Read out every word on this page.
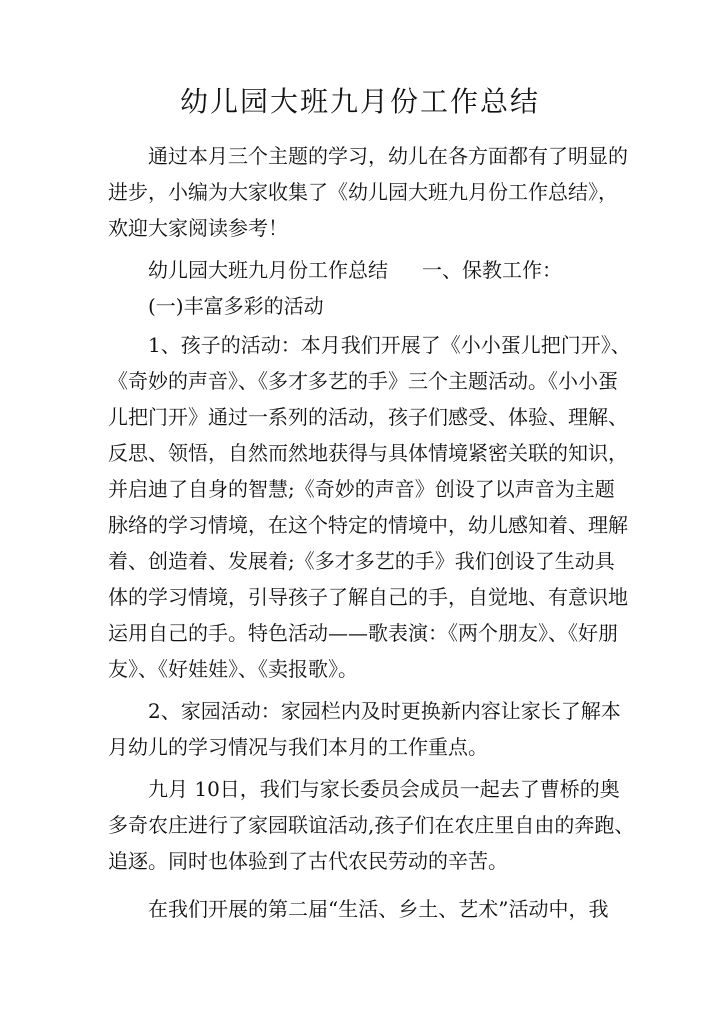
幼儿园大班九月份工作总结
　　通过本月三个主题的学习，幼儿在各方面都有了明显的
进步，小编为大家收集了《幼儿园大班九月份工作总结》，
欢迎大家阅读参考！
　　幼儿园大班九月份工作总结 一、保教工作：
　　(一)丰富多彩的活动
　　1、孩子的活动：本月我们开展了《小小蛋儿把门开》、
《奇妙的声音》、《多才多艺的手》三个主题活动。《小小蛋
儿把门开》通过一系列的活动，孩子们感受、体验、理解、
反思、领悟，自然而然地获得与具体情境紧密关联的知识，
并启迪了自身的智慧;《奇妙的声音》创设了以声音为主题
脉络的学习情境，在这个特定的情境中，幼儿感知着、理解
着、创造着、发展着;《多才多艺的手》我们创设了生动具
体的学习情境，引导孩子了解自己的手，自觉地、有意识地
运用自己的手。特色活动——歌表演：《两个朋友》、《好朋
友》、《好娃娃》、《卖报歌》。
　　2、家园活动：家园栏内及时更换新内容让家长了解本
月幼儿的学习情况与我们本月的工作重点。
　　九月 10日，我们与家长委员会成员一起去了曹桥的奥
多奇农庄进行了家园联谊活动,孩子们在农庄里自由的奔跑、
追逐。同时也体验到了古代农民劳动的辛苦。
　　在我们开展的第二届“生活、乡土、艺术”活动中，我
